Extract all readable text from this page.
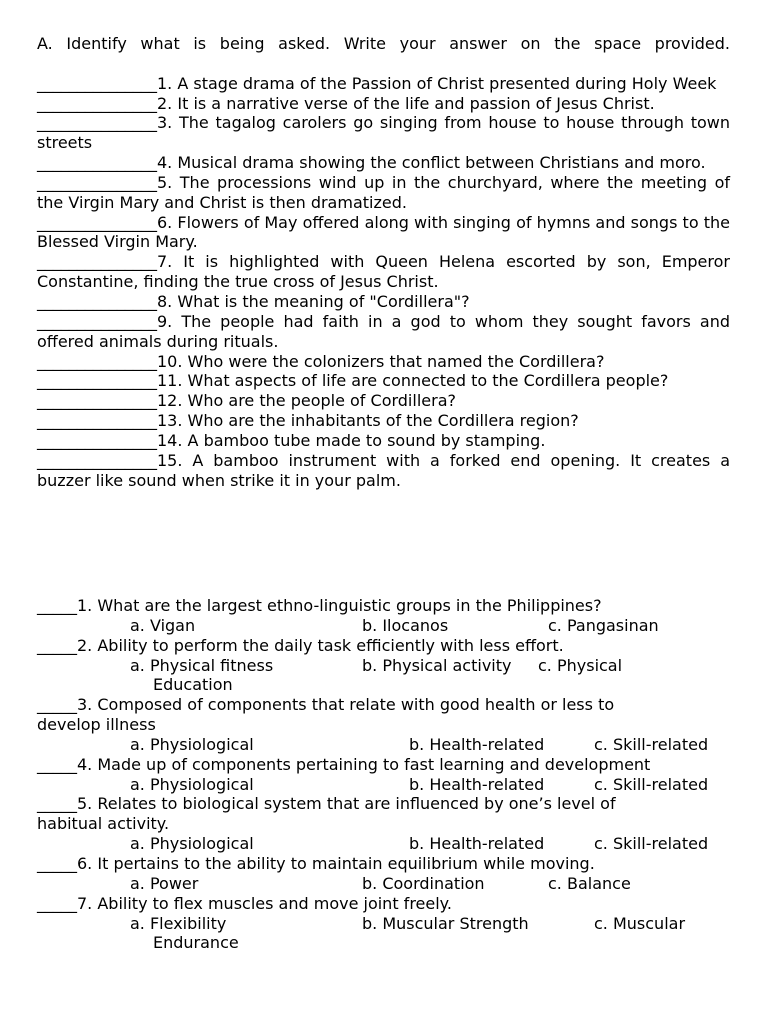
A. Identify what is being asked. Write your answer on the space provided.
_______________1. A stage drama of the Passion of Christ presented during Holy Week
_______________2. It is a narrative verse of the life and passion of Jesus Christ.
_______________3. The tagalog carolers go singing from house to house through town streets
_______________4. Musical drama showing the conflict between Christians and moro.
_______________5. The processions wind up in the churchyard, where the meeting of the Virgin Mary and Christ is then dramatized.
_______________6. Flowers of May offered along with singing of hymns and songs to the Blessed Virgin Mary.
_______________7. It is highlighted with Queen Helena escorted by son, Emperor Constantine, finding the true cross of Jesus Christ.
_______________8. What is the meaning of "Cordillera"?
_______________9. The people had faith in a god to whom they sought favors and offered animals during rituals.
_______________10. Who were the colonizers that named the Cordillera?
_______________11. What aspects of life are connected to the Cordillera people?
_______________12. Who are the people of Cordillera?
_______________13. Who are the inhabitants of the Cordillera region?
_______________14. A bamboo tube made to sound by stamping.
_______________15. A bamboo instrument with a forked end opening. It creates a buzzer like sound when strike it in your palm.
_____1. What are the largest ethno-linguistic groups in the Philippines?
a. Vigan	b. Ilocanos	c. Pangasinan
_____2. Ability to perform the daily task efficiently with less effort.
a. Physical fitness	b. Physical activity c. Physical
Education
_____3. Composed of components that relate with good health or less to
develop illness
a. Physiological	b. Health-related	c. Skill-related
_____4. Made up of components pertaining to fast learning and development
a. Physiological	b. Health-related	c. Skill-related
_____5. Relates to biological system that are influenced by one’s level of
habitual activity.
a. Physiological	b. Health-related	c. Skill-related
_____6. It pertains to the ability to maintain equilibrium while moving.
a. Power	b. Coordination	c. Balance
_____7. Ability to flex muscles and move joint freely.
a. Flexibility	b. Muscular Strength	c. Muscular
Endurance
